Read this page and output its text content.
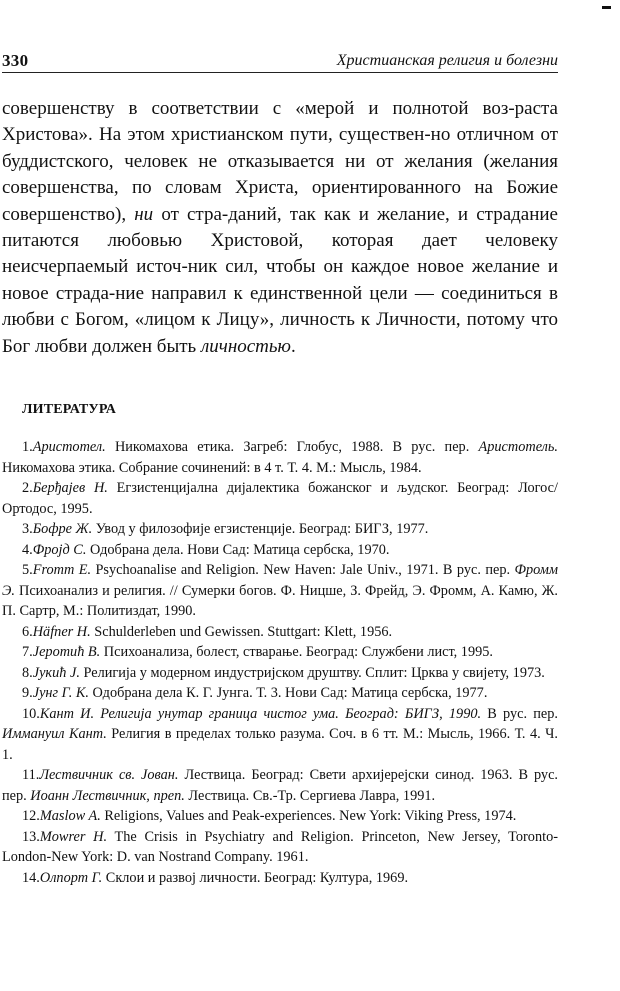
330	Христианская религия и болезни

совершенству в соответствии с «мерой и полнотой воз-раста Христова». На этом христианском пути, существен-но отличном от буддистского, человек не отказывается ни от желания (желания совершенства, по словам Христа, ориентированного на Божие совершенство), ни от стра-даний, так как и желание, и страдание питаются любовью Христовой, которая дает человеку неисчерпаемый источ-ник сил, чтобы он каждое новое желание и новое страда-ние направил к единственной цели — соединиться в любви с Богом, «лицом к Лицу», личность к Личности, потому что Бог любви должен быть личностью.

ЛИТЕРАТУРА
1.Аристотел. Никомахова етика. Загреб: Глобус, 1988. В рус. пер. Аристотель. Никомахова этика. Собрание сочинений: в 4 т. Т. 4. М.: Мысль, 1984.
2.Берђајев Н. Егзистенцијална дијалектика божанског и људског. Београд: Логос/Ортодос, 1995.
3.Бофре Ж. Увод у филозофије егзистенције. Београд: БИГЗ, 1977.
4.Фројд С. Одобрана дела. Нови Сад: Матица сербска, 1970.
5.Fromm E. Psychoanalise and Religion. New Haven: Jale Univ., 1971. В рус. пер. Фромм Э. Психоанализ и религия. // Сумерки богов. Ф. Ницше, З. Фрейд, Э. Фромм, А. Камю, Ж. П. Сартр, М.: Политиздат, 1990.
6.Häfner H. Schulderleben und Gewissen. Stuttgart: Klett, 1956.
7.Јеротић В. Психоанализа, болест, стварање. Београд: Службени лист, 1995.
8.Јукић Ј. Религија у модерном индустријском друштву. Сплит: Црква у свијету, 1973.
9.Јунг Г. К. Одобрана дела К. Г. Јунга. Т. 3. Нови Сад: Матица сербска, 1977.
10.Кант И. Религија унутар граница чистог ума. Београд: БИГЗ, 1990. В рус. пер. Иммануил Кант. Религия в пределах только разума. Соч. в 6 тт. М.: Мысль, 1966. Т. 4. Ч. 1.
11.Лествичник св. Јован. Лествица. Београд: Свети архијерејски синод. 1963. В рус. пер. Иоанн Лествичник, преп. Лествица. Св.-Тр. Сергиева Лавра, 1991.
12.Maslow A. Religions, Values and Peak-experiences. New York: Viking Press, 1974.
13.Mowrer H. The Crisis in Psychiatry and Religion. Princeton, New Jersey, Toronto-London-New York: D. van Nostrand Company. 1961.
14.Олпорт Г. Склои и развој личности. Београд: Култура, 1969.
